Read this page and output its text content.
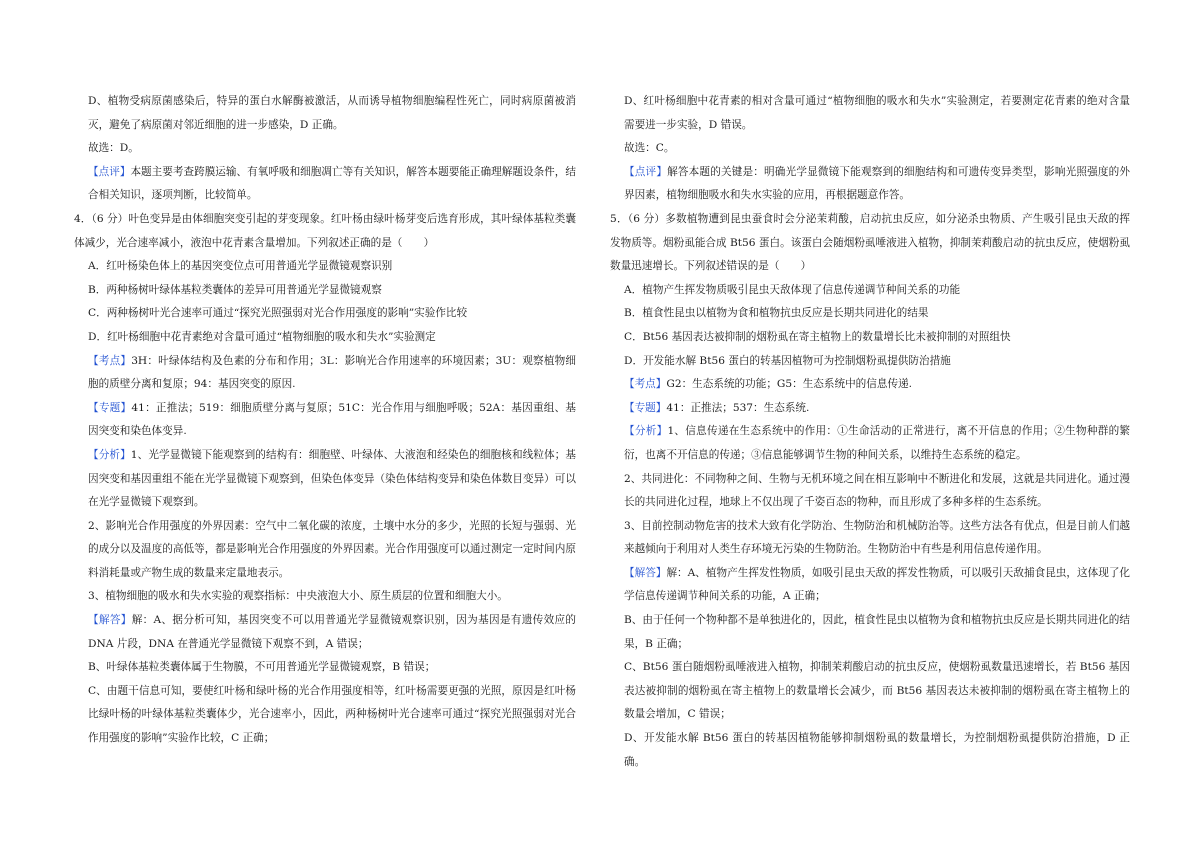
D、植物受病原菌感染后，特异的蛋白水解酶被激活，从而诱导植物细胞编程性死亡，同时病原菌被消灭，避免了病原菌对邻近细胞的进一步感染，D 正确。

故选：D。

【点评】本题主要考查跨膜运输、有氧呼吸和细胞凋亡等有关知识，解答本题要能正确理解题设条件，结合相关知识，逐项判断，比较简单。

4．（6 分）叶色变异是由体细胞突变引起的芽变现象。红叶杨由绿叶杨芽变后选育形成，其叶绿体基粒类囊体减少，光合速率减小，液泡中花青素含量增加。下列叙述正确的是（　　）

A．红叶杨染色体上的基因突变位点可用普通光学显微镜观察识别

B．两种杨树叶绿体基粒类囊体的差异可用普通光学显微镜观察

C．两种杨树叶光合速率可通过“探究光照强弱对光合作用强度的影响”实验作比较

D．红叶杨细胞中花青素绝对含量可通过“植物细胞的吸水和失水”实验测定

【考点】3H：叶绿体结构及色素的分布和作用；3L：影响光合作用速率的环境因素；3U：观察植物细胞的质壁分离和复原；94：基因突变的原因.

【专题】41：正推法；519：细胞质壁分离与复原；51C：光合作用与细胞呼吸；52A：基因重组、基因突变和染色体变异.

【分析】1、光学显微镜下能观察到的结构有：细胞壁、叶绿体、大液泡和经染色的细胞核和线粒体；基因突变和基因重组不能在光学显微镜下观察到，但染色体变异（染色体结构变异和染色体数目变异）可以在光学显微镜下观察到。

2、影响光合作用强度的外界因素：空气中二氧化碳的浓度，土壤中水分的多少，光照的长短与强弱、光的成分以及温度的高低等，都是影响光合作用强度的外界因素。光合作用强度可以通过测定一定时间内原料消耗量或产物生成的数量来定量地表示。

3、植物细胞的吸水和失水实验的观察指标：中央液泡大小、原生质层的位置和细胞大小。

【解答】解：A、据分析可知，基因突变不可以用普通光学显微镜观察识别，因为基因是有遗传效应的 DNA 片段，DNA 在普通光学显微镜下观察不到，A 错误；

B、叶绿体基粒类囊体属于生物膜，不可用普通光学显微镜观察，B 错误；

C、由题干信息可知，要使红叶杨和绿叶杨的光合作用强度相等，红叶杨需要更强的光照，原因是红叶杨比绿叶杨的叶绿体基粒类囊体少，光合速率小，因此，两种杨树叶光合速率可通过“探究光照强弱对光合作用强度的影响”实验作比较，C 正确；

D、红叶杨细胞中花青素的相对含量可通过“植物细胞的吸水和失水”实验测定，若要测定花青素的绝对含量需要进一步实验，D 错误。

故选：C。

【点评】解答本题的关键是：明确光学显微镜下能观察到的细胞结构和可遗传变异类型，影响光照强度的外界因素，植物细胞吸水和失水实验的应用，再根据题意作答。

5．（6 分）多数植物遭到昆虫蚕食时会分泌茉莉酸，启动抗虫反应，如分泌杀虫物质、产生吸引昆虫天敌的挥发物质等。烟粉虱能合成 Bt56 蛋白。该蛋白会随烟粉虱唾液进入植物，抑制茉莉酸启动的抗虫反应，使烟粉虱数量迅速增长。下列叙述错误的是（　　）

A．植物产生挥发物质吸引昆虫天敌体现了信息传递调节种间关系的功能

B．植食性昆虫以植物为食和植物抗虫反应是长期共同进化的结果

C．Bt56 基因表达被抑制的烟粉虱在寄主植物上的数量增长比未被抑制的对照组快

D．开发能水解 Bt56 蛋白的转基因植物可为控制烟粉虱提供防治措施

【考点】G2：生态系统的功能；G5：生态系统中的信息传递.

【专题】41：正推法；537：生态系统.

【分析】1、信息传递在生态系统中的作用：①生命活动的正常进行，离不开信息的作用；②生物种群的繁衍，也离不开信息的传递；③信息能够调节生物的种间关系，以维持生态系统的稳定。

2、共同进化：不同物种之间、生物与无机环境之间在相互影响中不断进化和发展，这就是共同进化。通过漫长的共同进化过程，地球上不仅出现了千姿百态的物种，而且形成了多种多样的生态系统。

3、目前控制动物危害的技术大致有化学防治、生物防治和机械防治等。这些方法各有优点，但是目前人们越来越倾向于利用对人类生存环境无污染的生物防治。生物防治中有些是利用信息传递作用。

【解答】解：A、植物产生挥发性物质，如吸引昆虫天敌的挥发性物质，可以吸引天敌捕食昆虫，这体现了化学信息传递调节种间关系的功能，A 正确；

B、由于任何一个物种都不是单独进化的，因此，植食性昆虫以植物为食和植物抗虫反应是长期共同进化的结果，B 正确；

C、Bt56 蛋白随烟粉虱唾液进入植物，抑制茉莉酸启动的抗虫反应，使烟粉虱数量迅速增长，若 Bt56 基因表达被抑制的烟粉虱在寄主植物上的数量增长会减少，而 Bt56 基因表达未被抑制的烟粉虱在寄主植物上的数量会增加，C 错误；

D、开发能水解 Bt56 蛋白的转基因植物能够抑制烟粉虱的数量增长，为控制烟粉虱提供防治措施，D 正确。
